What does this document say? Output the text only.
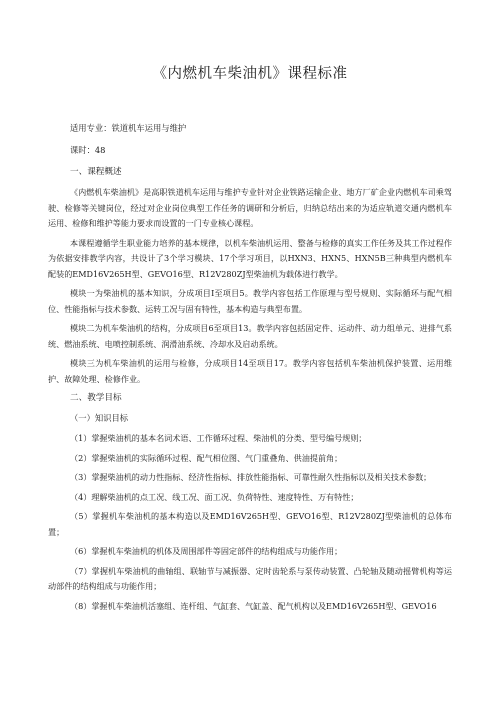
《内燃机车柴油机》课程标准
适用专业：铁道机车运用与维护
课时：48
一、课程概述

《内燃机车柴油机》是高职铁道机车运用与维护专业针对企业铁路运输企业、地方厂矿企业内燃机车司乘驾驶、检修等关键岗位，经过对企业岗位典型工作任务的调研和分析后，归纳总结出来的为适应轨道交通内燃机车运用、检修和维护等能力要求而设置的一门专业核心课程。

本课程遵循学生职业能力培养的基本规律，以机车柴油机运用、整备与检修的真实工作任务及其工作过程作为依据安排教学内容，共设计了3个学习模块、17个学习项目，以HXN3、HXN5、HXN5B三种典型内燃机车配装的EMD16V265H型、GEVO16型、R12V280ZJ型柴油机为载体进行教学。

模块一为柴油机的基本知识，分成项目Ⅰ至项目5。教学内容包括工作原理与型号规则、实际循环与配气相位、性能指标与技术参数、运转工况与固有特性，基本构造与典型布置。

模块二为机车柴油机的结构，分成项目6至项目13。教学内容包括固定件、运动件、动力组单元、进排气系统、燃油系统、电喷控制系统、润滑油系统、冷却水及启动系统。

模块三为机车柴油机的运用与检修，分成项目14至项目17。教学内容包括机车柴油机保护装置、运用维护、故障处理、检修作业。

二、教学目标
（一）知识目标

（1）掌握柴油机的基本名词术语、工作循环过程、柴油机的分类、型号编号规则；

（2）掌握柴油机的实际循环过程、配气相位图、气门重叠角、供油提前角；

（3）掌握柴油机的动力性指标、经济性指标、排放性能指标、可靠性耐久性指标以及相关技术参数；

（4）理解柴油机的点工况、线工况、面工况、负荷特性、速度特性、万有特性；

（5）掌握机车柴油机的基本构造以及EMD16V265H型、GEVO16型、R12V280ZJ型柴油机的总体布置；

（6）掌握机车柴油机的机体及周围部件等固定部件的结构组成与功能作用；

（7）掌握机车柴油机的曲轴组、联轴节与减振器、定时齿轮系与泵传动装置、凸轮轴及随动摇臂机构等运动部件的结构组成与功能作用；

（8）掌握机车柴油机活塞组、连杆组、气缸套、气缸盖、配气机构以及EMD16V265H型、GEVO16
